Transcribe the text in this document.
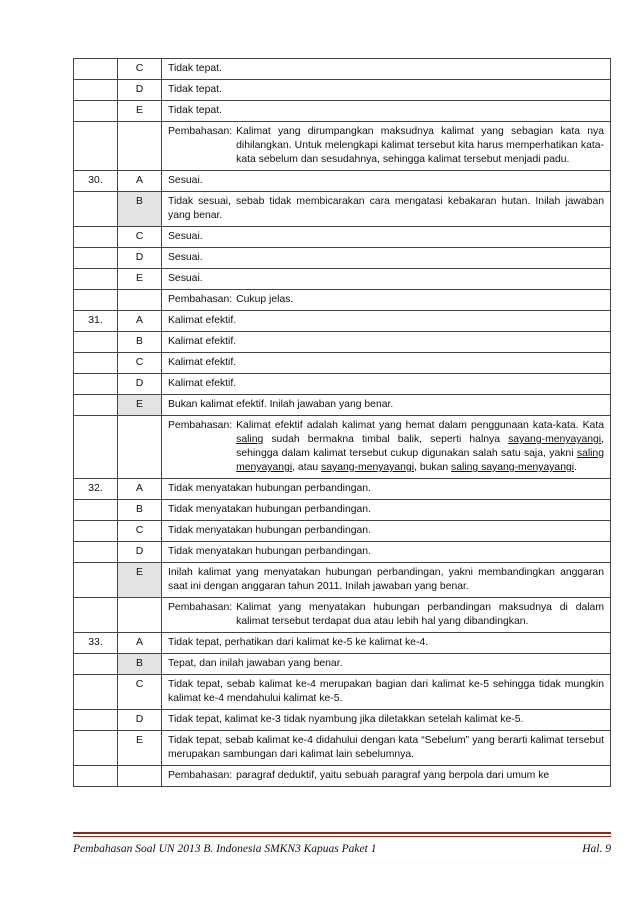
	C	Tidak tepat.
	D	Tidak tepat.
	E	Tidak tepat.

		Pembahasan: Kalimat yang dirumpangkan maksudnya kalimat yang sebagian kata nya dihilangkan. Untuk melengkapi kalimat tersebut kita harus memperhatikan kata-kata sebelum dan sesudahnya, sehingga kalimat tersebut menjadi padu.

30.	A	Sesuai.
	B	Tidak sesuai, sebab tidak membicarakan cara mengatasi kebakaran hutan. Inilah jawaban yang benar.
	C	Sesuai.
	D	Sesuai.
	E	Sesuai.

		Pembahasan: Cukup jelas.

31.	A	Kalimat efektif.
	B	Kalimat efektif.
	C	Kalimat efektif.
	D	Kalimat efektif.
	E	Bukan kalimat efektif. Inilah jawaban yang benar.

		Pembahasan: Kalimat efektif adalah kalimat yang hemat dalam penggunaan kata-kata. Kata saling sudah bermakna timbal balik, seperti halnya sayang-menyayangi, sehingga dalam kalimat tersebut cukup digunakan salah satu saja, yakni saling menyayangi, atau sayang-menyayangi, bukan saling sayang-menyayangi.

32.	A	Tidak menyatakan hubungan perbandingan.
	B	Tidak menyatakan hubungan perbandingan.
	C	Tidak menyatakan hubungan perbandingan.
	D	Tidak menyatakan hubungan perbandingan.
	E	Inilah kalimat yang menyatakan hubungan perbandingan, yakni membandingkan anggaran saat ini dengan anggaran tahun 2011. Inilah jawaban yang benar.

		Pembahasan: Kalimat yang menyatakan hubungan perbandingan maksudnya di dalam kalimat tersebut terdapat dua atau lebih hal yang dibandingkan.

33.	A	Tidak tepat, perhatikan dari kalimat ke-5 ke kalimat ke-4.
	B	Tepat, dan inilah jawaban yang benar.
	C	Tidak tepat, sebab kalimat ke-4 merupakan bagian dari kalimat ke-5 sehingga tidak mungkin kalimat ke-4 mendahului kalimat ke-5.
	D	Tidak tepat, kalimat ke-3 tidak nyambung jika diletakkan setelah kalimat ke-5.
	E	Tidak tepat, sebab kalimat ke-4 didahului dengan kata “Sebelum” yang berarti kalimat tersebut merupakan sambungan dari kalimat lain sebelumnya.

		Pembahasan: paragraf deduktif, yaitu sebuah paragraf yang berpola dari umum ke
Pembahasan Soal UN 2013 B. Indonesia SMKN3 Kapuas Paket 1	Hal. 9
